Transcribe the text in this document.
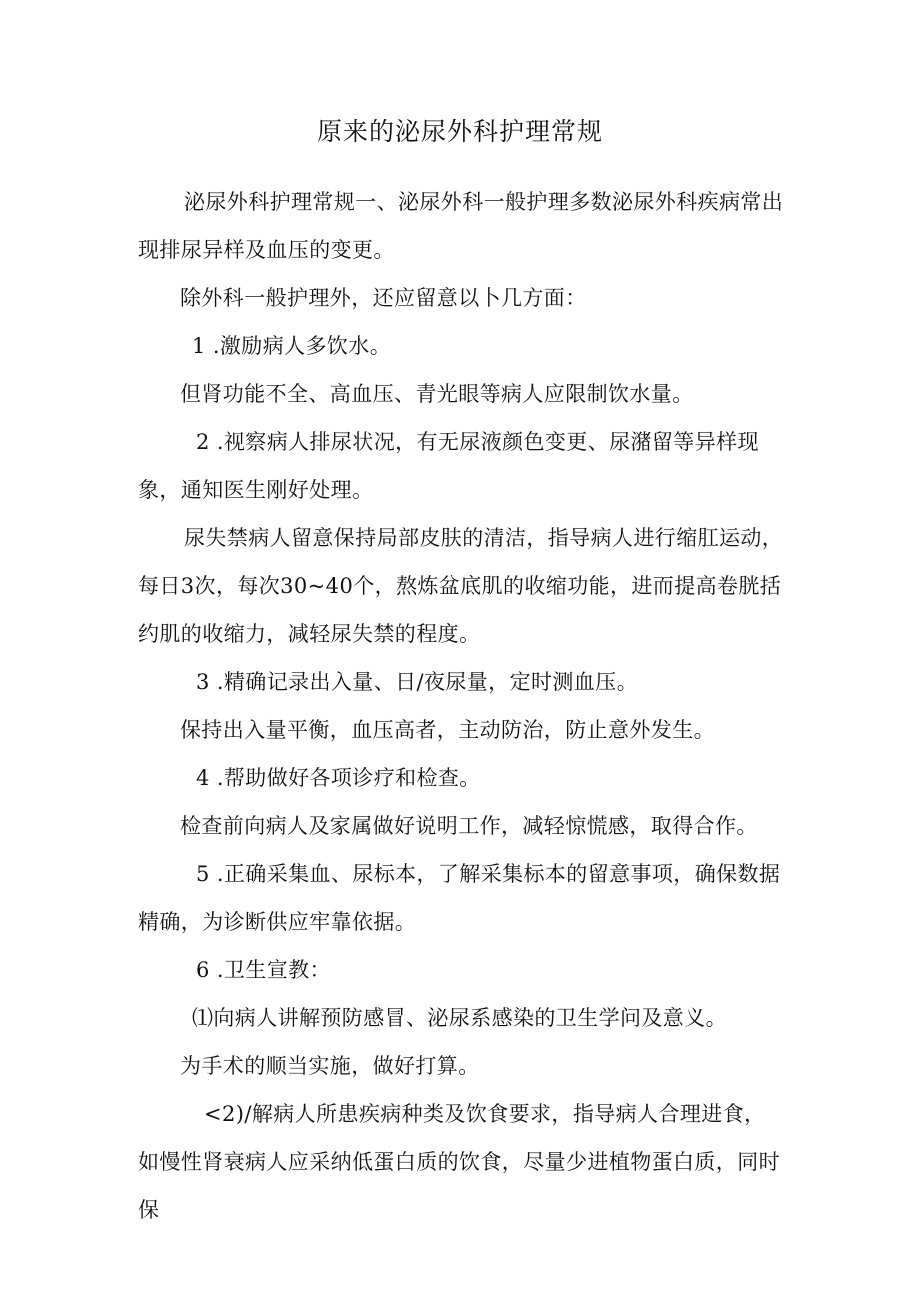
原来的泌尿外科护理常规

泌尿外科护理常规一、泌尿外科一般护理多数泌尿外科疾病常出现排尿异样及血压的变更。

除外科一般护理外，还应留意以卜几方面：

1 .激励病人多饮水。

但肾功能不全、高血压、青光眼等病人应限制饮水量。

2 .视察病人排尿状况，有无尿液颜色变更、尿潴留等异样现象，通知医生刚好处理。

尿失禁病人留意保持局部皮肤的清洁，指导病人进行缩肛运动，每日3次，每次30~40个，熬炼盆底肌的收缩功能，进而提高卷胱括约肌的收缩力，减轻尿失禁的程度。

3 .精确记录出入量、日/夜尿量，定时测血压。

保持出入量平衡，血压高者，主动防治，防止意外发生。

4 .帮助做好各项诊疗和检查。

检查前向病人及家属做好说明工作，减轻惊慌感，取得合作。

5 .正确采集血、尿标本，了解采集标本的留意事项，确保数据精确，为诊断供应牢靠依据。

6 .卫生宣教：

⑴向病人讲解预防感冒、泌尿系感染的卫生学问及意义。

为手术的顺当实施，做好打算。

<2)/解病人所患疾病种类及饮食要求，指导病人合理进食，如慢性肾衰病人应采纳低蛋白质的饮食，尽量少进植物蛋白质，同时保
